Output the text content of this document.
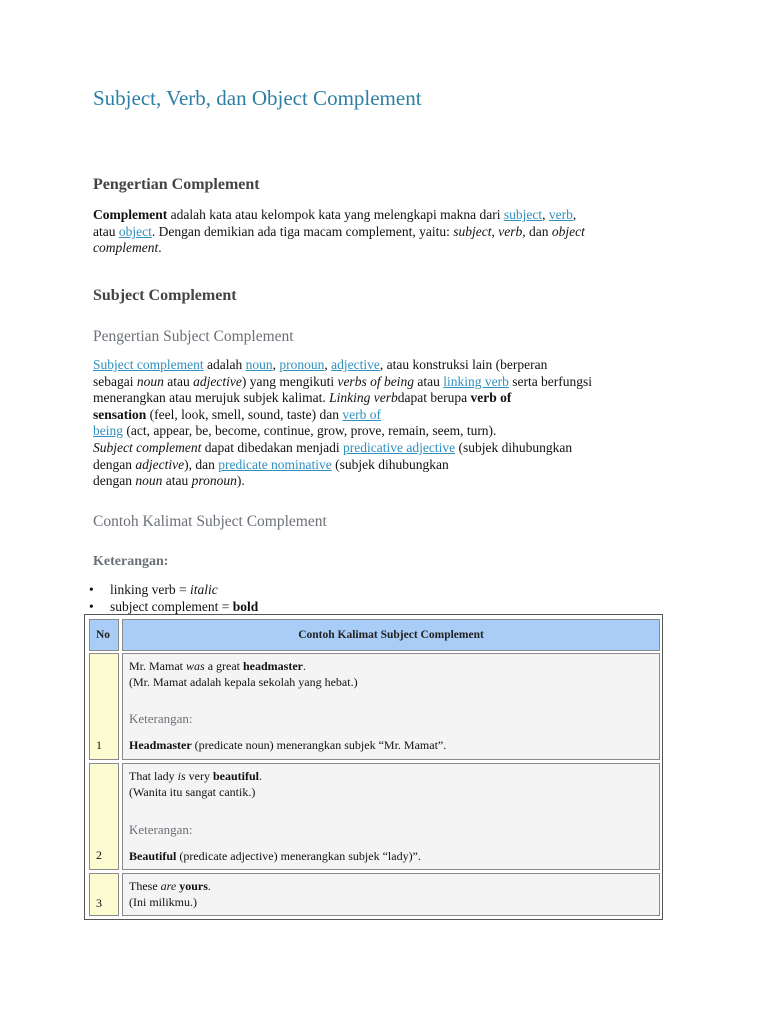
Subject, Verb, dan Object Complement
Pengertian Complement
Complement adalah kata atau kelompok kata yang melengkapi makna dari subject, verb,
atau object. Dengan demikian ada tiga macam complement, yaitu: subject, verb, dan object
complement.
Subject Complement
Pengertian Subject Complement
Subject complement adalah noun, pronoun, adjective, atau konstruksi lain (berperan
sebagai noun atau adjective) yang mengikuti verbs of being atau linking verb serta berfungsi
menerangkan atau merujuk subjek kalimat. Linking verbdapat berupa verb of
sensation (feel, look, smell, sound, taste) dan verb of
being (act, appear, be, become, continue, grow, prove, remain, seem, turn).
Subject complement dapat dibedakan menjadi predicative adjective (subjek dihubungkan
dengan adjective), dan predicate nominative (subjek dihubungkan
dengan noun atau pronoun).
Contoh Kalimat Subject Complement
Keterangan:
• linking verb = italic
• subject complement = bold
No	Contoh Kalimat Subject Complement
1
Mr. Mamat was a great headmaster.
(Mr. Mamat adalah kepala sekolah yang hebat.)
Keterangan:
Headmaster (predicate noun) menerangkan subjek “Mr. Mamat”.
2
That lady is very beautiful.
(Wanita itu sangat cantik.)
Keterangan:
Beautiful (predicate adjective) menerangkan subjek “lady)”.
3
These are yours.
(Ini milikmu.)
